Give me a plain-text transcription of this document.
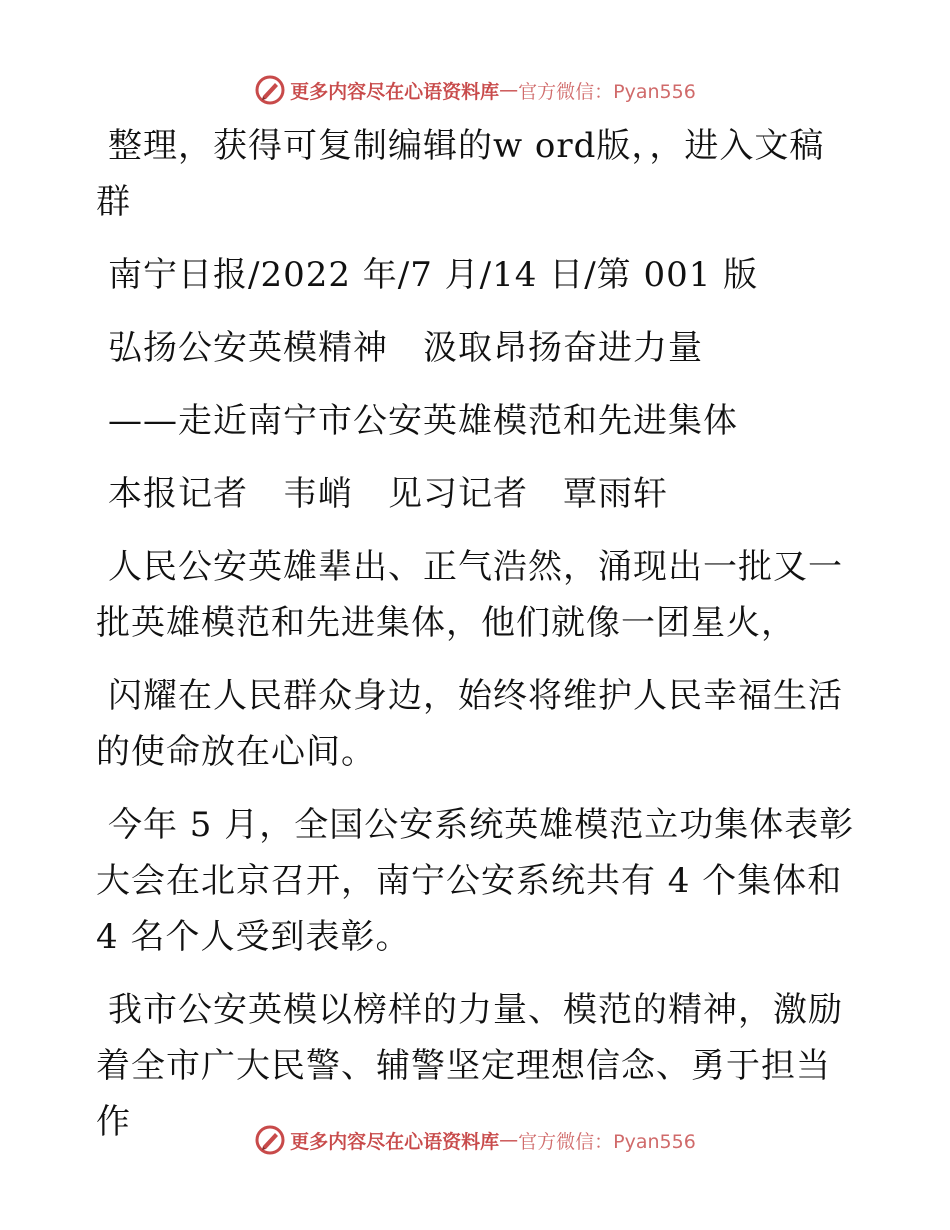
更多内容尽在心语资料库 — 官方微信：Pyan556

整理，获得可复制编辑的w ord版，，进入文稿群

南宁日报/2022 年/7 月/14 日/第 001 版

弘扬公安英模精神　汲取昂扬奋进力量

——走近南宁市公安英雄模范和先进集体

本报记者　韦峭　见习记者　覃雨轩

人民公安英雄辈出、正气浩然，涌现出一批又一批英雄模范和先进集体，他们就像一团星火，

闪耀在人民群众身边，始终将维护人民幸福生活的使命放在心间。

今年 5 月，全国公安系统英雄模范立功集体表彰大会在北京召开，南宁公安系统共有 4 个集体和 4 名个人受到表彰。

我市公安英模以榜样的力量、模范的精神，激励着全市广大民警、辅警坚定理想信念、勇于担当作	更多内容尽在心语资料库 — 官方微信：Pyan556
